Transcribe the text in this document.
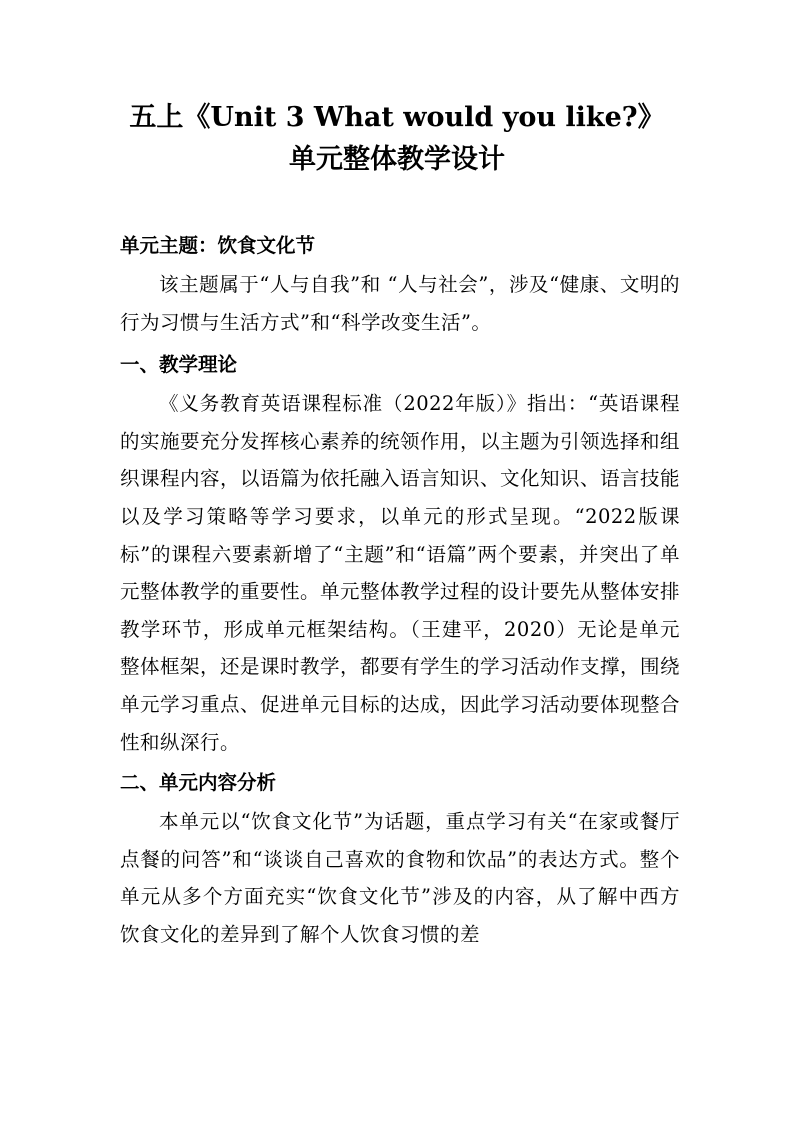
五上《Unit 3 What would you like?》
单元整体教学设计
单元主题：饮食文化节

该主题属于“人与自我”和 “人与社会”，涉及“健康、文明的行为习惯与生活方式”和“科学改变生活”。

一、教学理论

《义务教育英语课程标准（2022年版）》指出：“英语课程的实施要充分发挥核心素养的统领作用，以主题为引领选择和组织课程内容，以语篇为依托融入语言知识、文化知识、语言技能以及学习策略等学习要求，以单元的形式呈现。“2022版课标”的课程六要素新增了“主题”和“语篇”两个要素，并突出了单元整体教学的重要性。单元整体教学过程的设计要先从整体安排教学环节，形成单元框架结构。（王建平，2020）无论是单元整体框架，还是课时教学，都要有学生的学习活动作支撑，围绕单元学习重点、促进单元目标的达成，因此学习活动要体现整合性和纵深行。

二、单元内容分析

本单元以“饮食文化节”为话题，重点学习有关“在家或餐厅点餐的问答”和“谈谈自己喜欢的食物和饮品”的表达方式。整个单元从多个方面充实“饮食文化节”涉及的内容，从了解中西方饮食文化的差异到了解个人饮食习惯的差
